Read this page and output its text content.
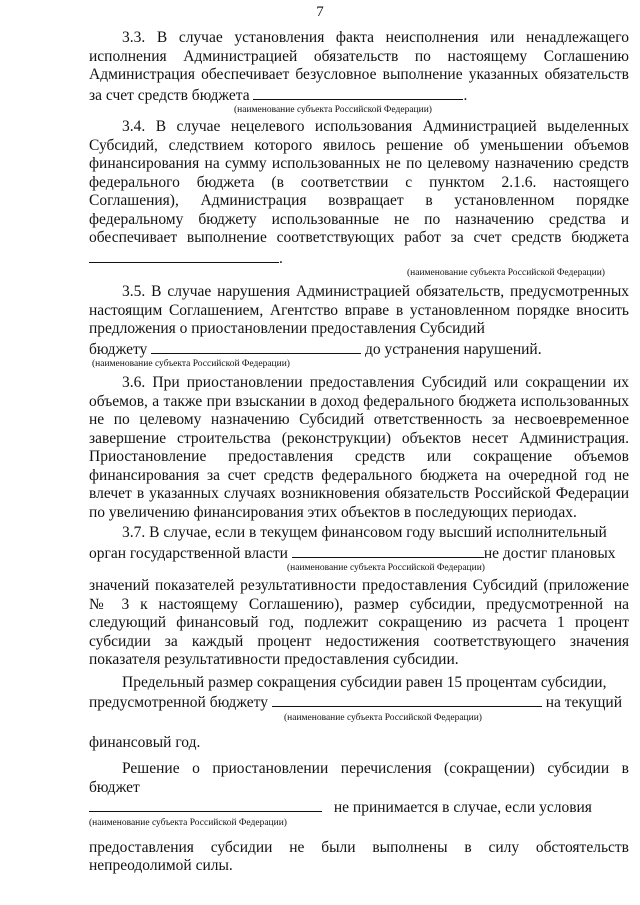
7

3.3. В случае установления факта неисполнения или ненадлежащего исполнения Администрацией обязательств по настоящему Соглашению Администрация обеспечивает безусловное выполнение указанных обязательств за счет средств бюджета	.

(наименование субъекта Российской Федерации)

3.4. В случае нецелевого использования Администрацией выделенных Субсидий, следствием которого явилось решение об уменьшении объемов финансирования на сумму использованных не по целевому назначению средств федерального бюджета (в соответствии с пунктом 2.1.6. настоящего Соглашения), Администрация возвращает в установленном порядке федеральному бюджету использованные не по назначению средства и обеспечивает выполнение соответствующих работ за счет средств бюджета .

(наименование субъекта Российской Федерации)

3.5. В случае нарушения Администрацией обязательств, предусмотренных настоящим Соглашением, Агентство вправе в установленном порядке вносить предложения о приостановлении предоставления Субсидий

бюджету	до устранения нарушений.

(наименование субъекта Российской Федерации)

3.6. При приостановлении предоставления Субсидий или сокращении их объемов, а также при взыскании в доход федерального бюджета использованных не по целевому назначению Субсидий ответственность за несвоевременное завершение строительства (реконструкции) объектов несет Администрация. Приостановление предоставления средств или сокращение объемов финансирования за счет средств федерального бюджета на очередной год не влечет в указанных случаях возникновения обязательств Российской Федерации по увеличению финансирования этих объектов в последующих периодах.

3.7. В случае, если в текущем финансовом году высший исполнительный

орган государственной власти	не достиг плановых

(наименование субъекта Российской Федерации)

значений показателей результативности предоставления Субсидий (приложение № 3 к настоящему Соглашению), размер субсидии, предусмотренной на следующий финансовый год, подлежит сокращению из расчета 1 процент субсидии за каждый процент недостижения соответствующего значения показателя результативности предоставления субсидии.

Предельный размер сокращения субсидии равен 15 процентам субсидии,

предусмотренной бюджету	на текущий

(наименование субъекта Российской Федерации)

финансовый год.

Решение о приостановлении перечисления (сокращении) субсидии в бюджет

не принимается в случае, если условия

(наименование субъекта Российской Федерации)

предоставления субсидии не были выполнены в силу обстоятельств непреодолимой силы.
